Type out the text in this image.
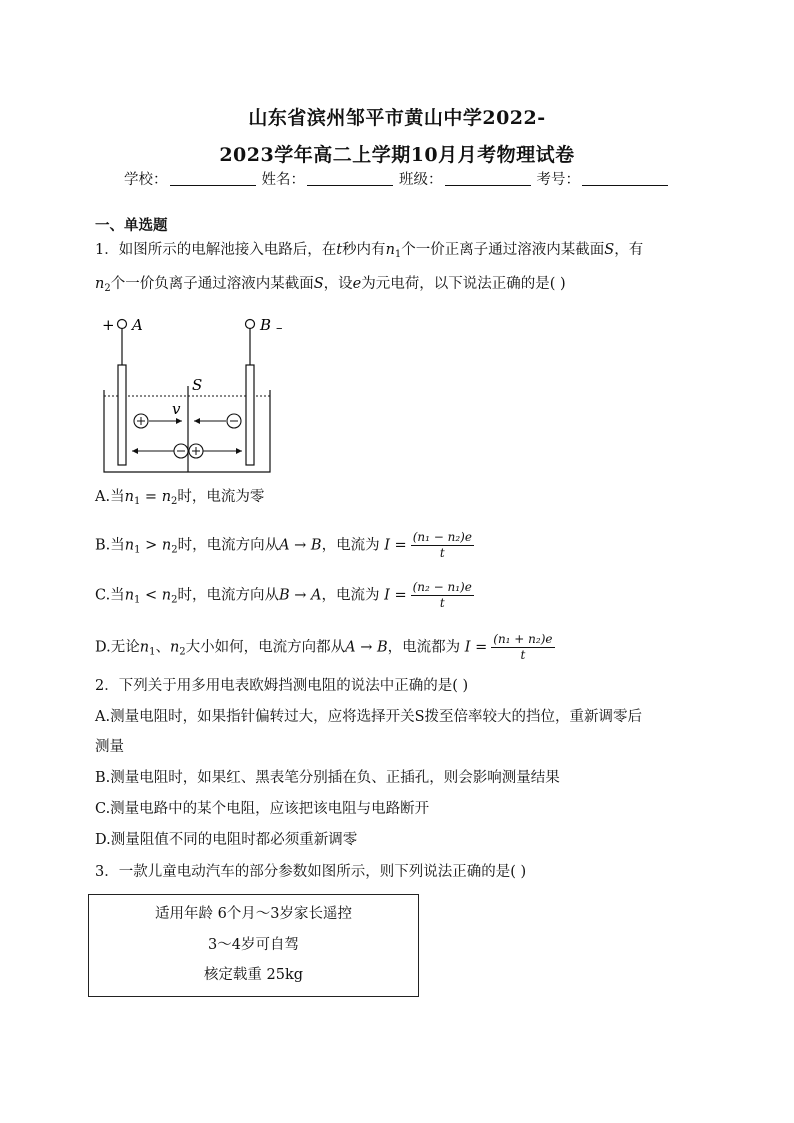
山东省滨州邹平市黄山中学2022-
2023学年高二上学期10月月考物理试卷
学校：	姓名：	班级：	考号：
一、单选题
1．如图所示的电解池接入电路后，在t秒内有$n_1$个一价正离子通过溶液内某截面S，有
$n_2$个一价负离子通过溶液内某截面S，设e为元电荷，以下说法正确的是( )
+ A	B –
S
v
A.当$n_1 = n_2$时，电流为零
B.当$n_1 > n_2$时，电流方向从A → B，电流为 $I = \frac{\text{(n₁ − n₂)e}}{t}$
C.当$n_1 < n_2$时，电流方向从B → A，电流为 $I = \frac{\text{(n₂ − n₁)e}}{t}$
D.无论$n_1$、$n_2$大小如何，电流方向都从A → B，电流都为 $I = \frac{\text{(n₁ + n₂)e}}{t}$
2．下列关于用多用电表欧姆挡测电阻的说法中正确的是( )
A.测量电阻时，如果指针偏转过大，应将选择开关S拨至倍率较大的挡位，重新调零后
测量
B.测量电阻时，如果红、黑表笔分别插在负、正插孔，则会影响测量结果
C.测量电路中的某个电阻，应该把该电阻与电路断开
D.测量阻值不同的电阻时都必须重新调零
3．一款儿童电动汽车的部分参数如图所示，则下列说法正确的是( )
适用年龄 6个月～3岁家长遥控
3～4岁可自驾
核定载重 25kg
